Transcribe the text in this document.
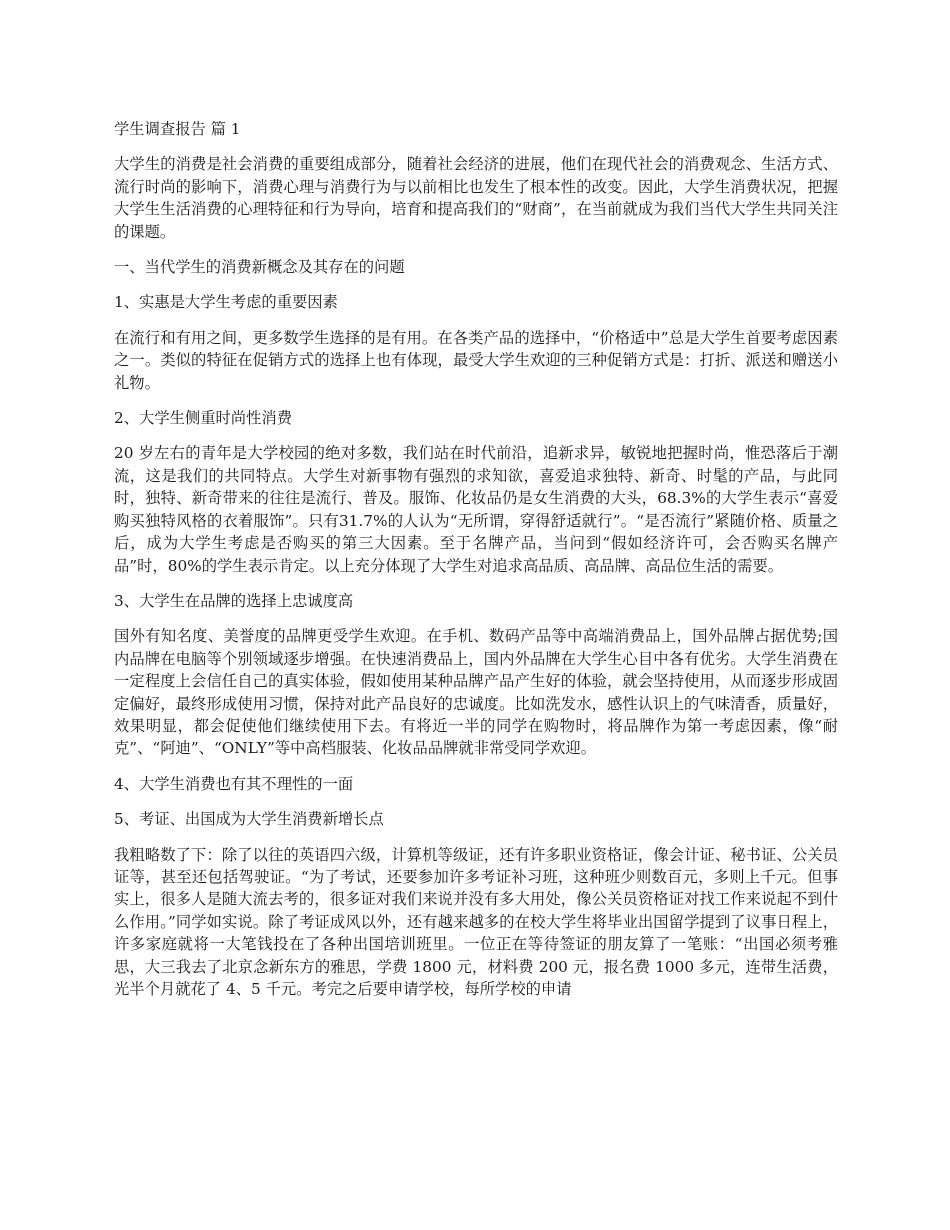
学生调查报告 篇 1
大学生的消费是社会消费的重要组成部分，随着社会经济的进展，他们在现代社会的消费观念、生活方式、流行时尚的影响下，消费心理与消费行为与以前相比也发生了根本性的改变。因此，大学生消费状况，把握大学生生活消费的心理特征和行为导向，培育和提高我们的“财商”，在当前就成为我们当代大学生共同关注的课题。
一、当代学生的消费新概念及其存在的问题
1、实惠是大学生考虑的重要因素
在流行和有用之间，更多数学生选择的是有用。在各类产品的选择中，“价格适中”总是大学生首要考虑因素之一。类似的特征在促销方式的选择上也有体现，最受大学生欢迎的三种促销方式是：打折、派送和赠送小礼物。
2、大学生侧重时尚性消费
20 岁左右的青年是大学校园的绝对多数，我们站在时代前沿，追新求异，敏锐地把握时尚，惟恐落后于潮流，这是我们的共同特点。大学生对新事物有强烈的求知欲，喜爱追求独特、新奇、时髦的产品，与此同时，独特、新奇带来的往往是流行、普及。服饰、化妆品仍是女生消费的大头，68.3%的大学生表示“喜爱购买独特风格的衣着服饰”。只有31.7%的人认为“无所谓，穿得舒适就行”。“是否流行”紧随价格、质量之后，成为大学生考虑是否购买的第三大因素。至于名牌产品，当问到“假如经济许可，会否购买名牌产品”时，80%的学生表示肯定。以上充分体现了大学生对追求高品质、高品牌、高品位生活的需要。
3、大学生在品牌的选择上忠诚度高
国外有知名度、美誉度的品牌更受学生欢迎。在手机、数码产品等中高端消费品上，国外品牌占据优势;国内品牌在电脑等个别领域逐步增强。在快速消费品上，国内外品牌在大学生心目中各有优劣。大学生消费在一定程度上会信任自己的真实体验，假如使用某种品牌产品产生好的体验，就会坚持使用，从而逐步形成固定偏好，最终形成使用习惯，保持对此产品良好的忠诚度。比如洗发水，感性认识上的气味清香，质量好，效果明显，都会促使他们继续使用下去。有将近一半的同学在购物时，将品牌作为第一考虑因素，像“耐克”、“阿迪”、“ONLY”等中高档服装、化妆品品牌就非常受同学欢迎。
4、大学生消费也有其不理性的一面
5、考证、出国成为大学生消费新增长点
我粗略数了下：除了以往的英语四六级，计算机等级证，还有许多职业资格证，像会计证、秘书证、公关员证等，甚至还包括驾驶证。“为了考试，还要参加许多考证补习班，这种班少则数百元，多则上千元。但事实上，很多人是随大流去考的，很多证对我们来说并没有多大用处，像公关员资格证对找工作来说起不到什么作用。”同学如实说。除了考证成风以外，还有越来越多的在校大学生将毕业出国留学提到了议事日程上，许多家庭就将一大笔钱投在了各种出国培训班里。一位正在等待签证的朋友算了一笔账：“出国必须考雅思，大三我去了北京念新东方的雅思，学费 1800 元，材料费 200 元，报名费 1000 多元，连带生活费，光半个月就花了 4、5 千元。考完之后要申请学校，每所学校的申请
